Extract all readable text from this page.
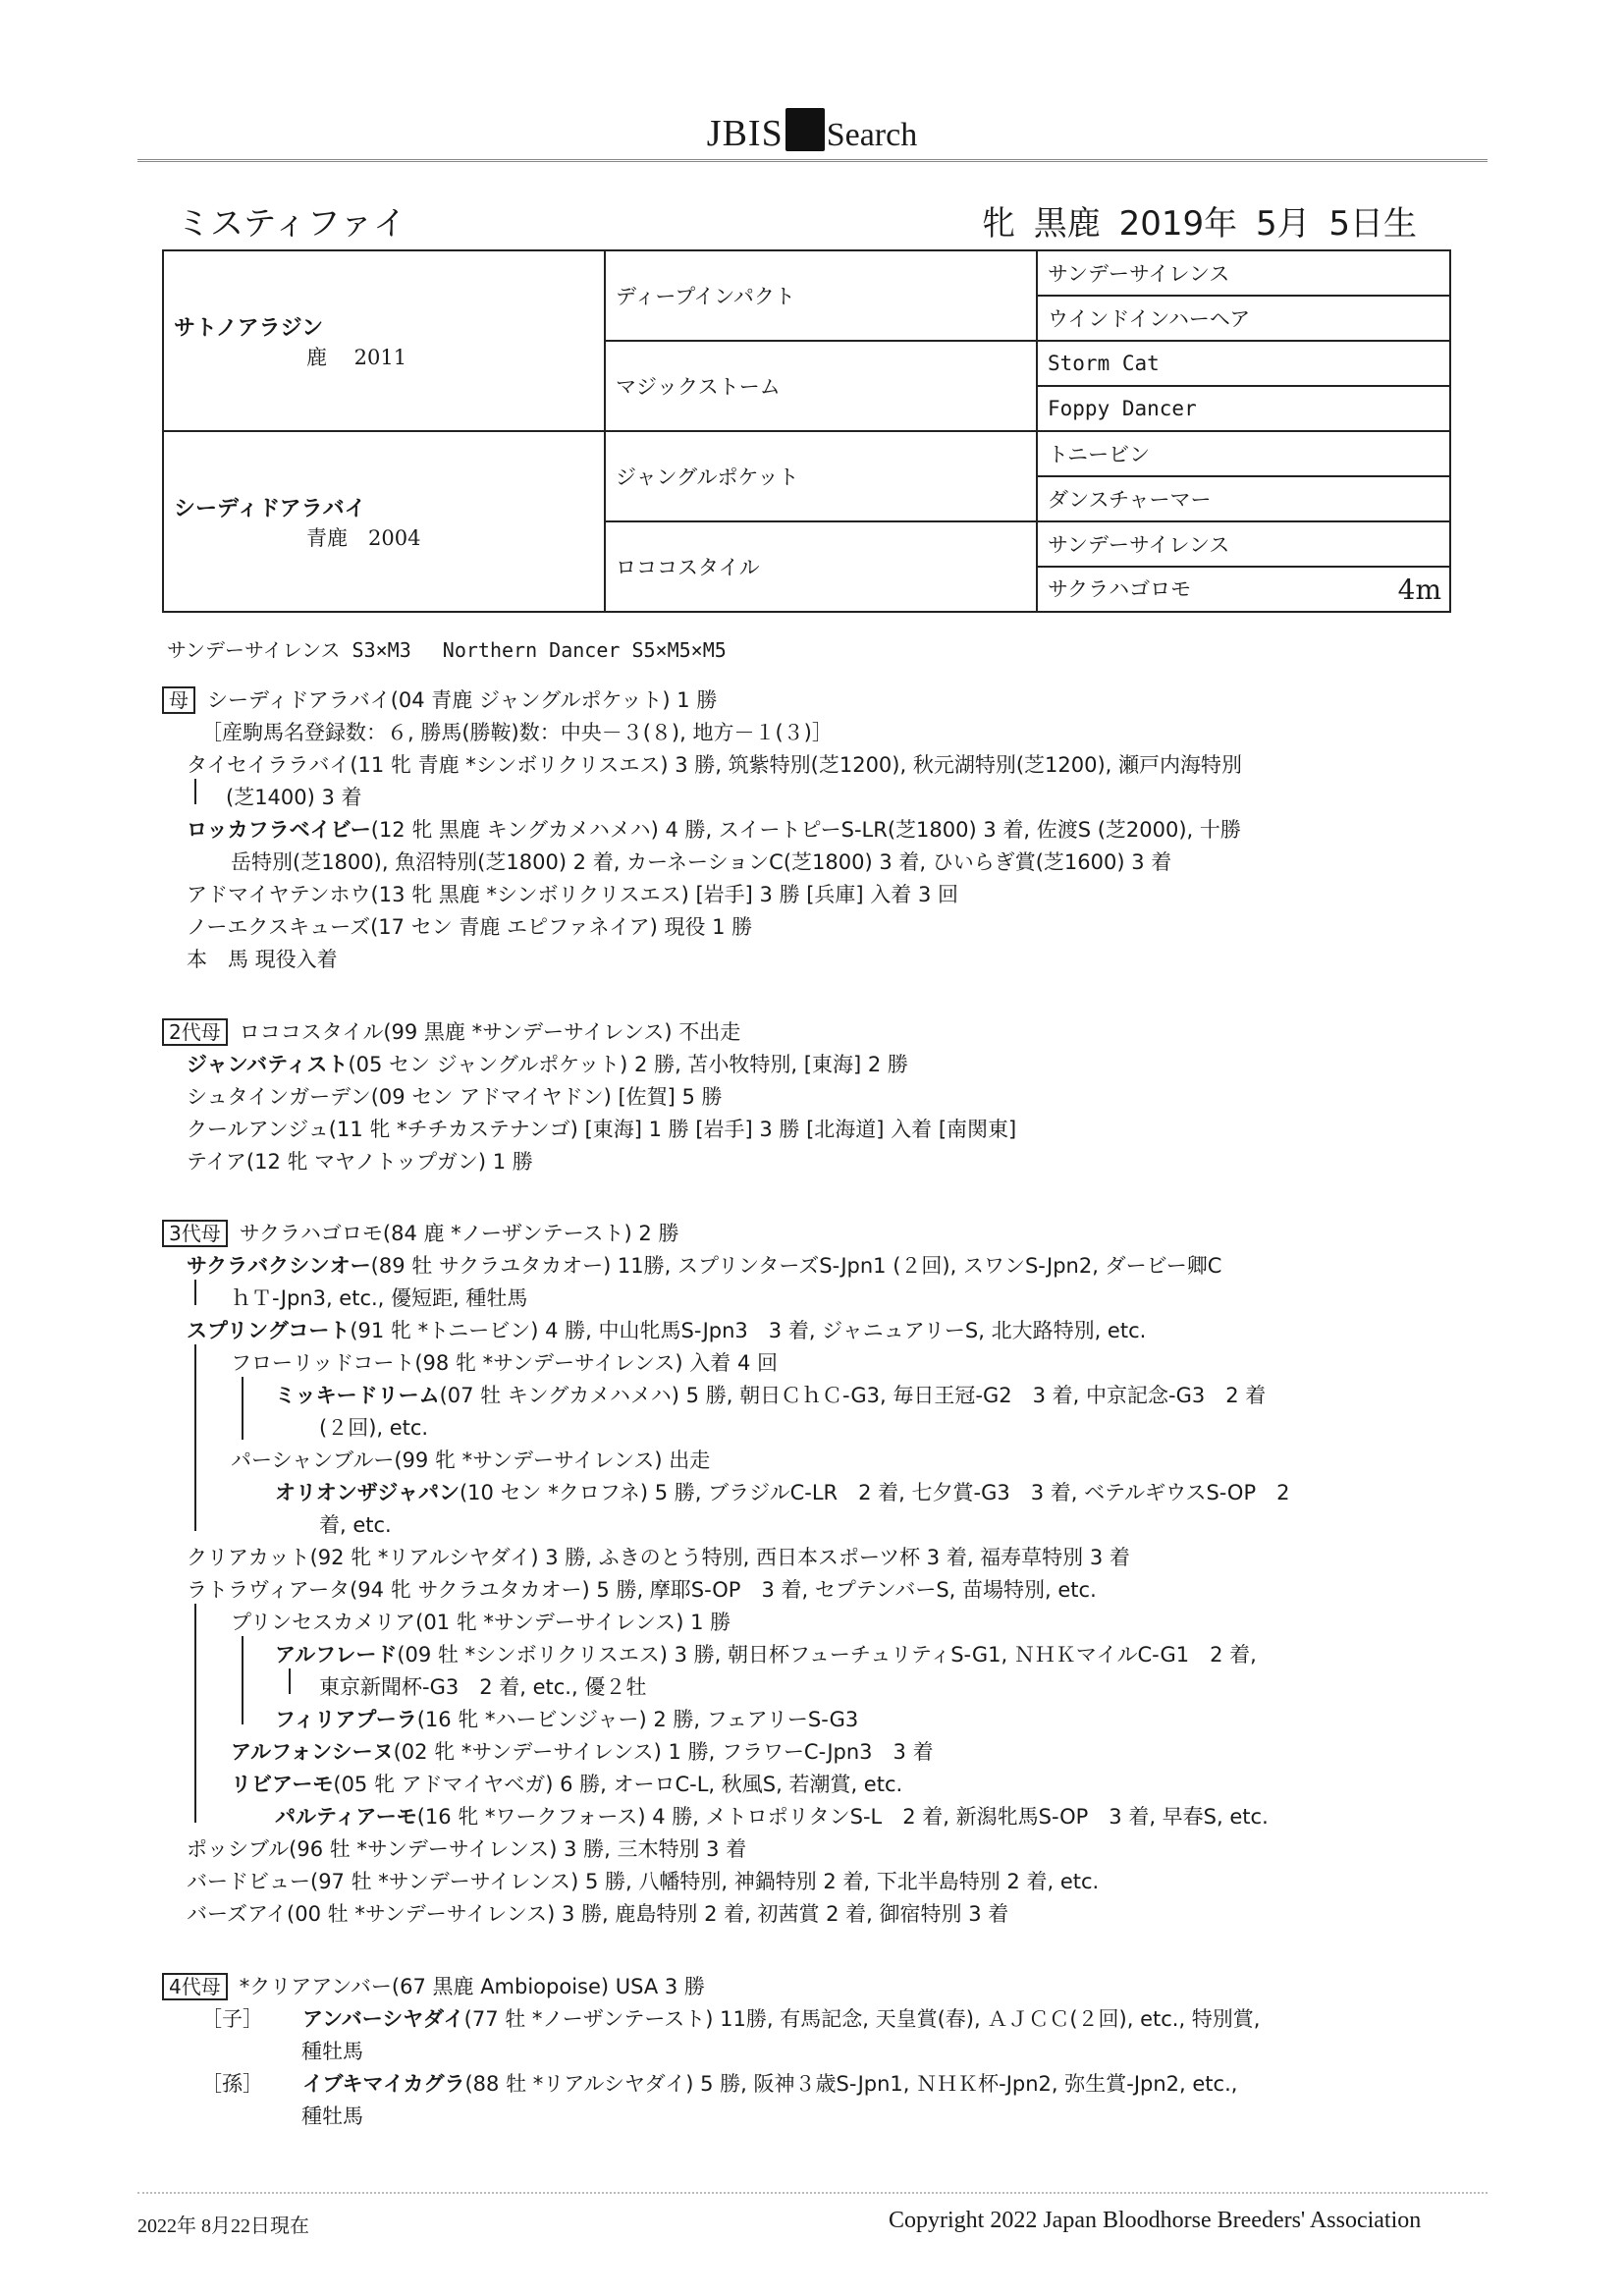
JBIS Search
ミスティファイ	牝 黒鹿 2019年 5月 5日生
サトノアラジン
鹿　 2011	ディープインパクト	サンデーサイレンス
		ウインドインハーヘア
	マジックストーム	Storm Cat
		Foppy Dancer

シーディドアラバイ
青鹿　2004	ジャングルポケット	トニービン
		ダンスチャーマー
	ロココスタイル	サンデーサイレンス
		サクラハゴロモ 4m
サンデーサイレンス S3×M3　 Northern Dancer S5×M5×M5
母 シーディドアラバイ(04 青鹿 ジャングルポケット) 1 勝
［産駒馬名登録数：６, 勝馬(勝鞍)数：中央－３(８), 地方－１(３)］
タイセイララバイ(11 牝 青鹿 *シンボリクリスエス) 3 勝, 筑紫特別(芝1200), 秋元湖特別(芝1200), 瀬戸内海特別
(芝1400) 3 着
ロッカフラベイビー(12 牝 黒鹿 キングカメハメハ) 4 勝, スイートピーS-LR(芝1800) 3 着, 佐渡S (芝2000), 十勝
岳特別(芝1800), 魚沼特別(芝1800) 2 着, カーネーションC(芝1800) 3 着, ひいらぎ賞(芝1600) 3 着
アドマイヤテンホウ(13 牝 黒鹿 *シンボリクリスエス) [岩手] 3 勝 [兵庫] 入着 3 回
ノーエクスキューズ(17 セン 青鹿 エピファネイア) 現役 1 勝
本　馬 現役入着
2代母 ロココスタイル(99 黒鹿 *サンデーサイレンス) 不出走
ジャンバティスト(05 セン ジャングルポケット) 2 勝, 苫小牧特別, [東海] 2 勝
シュタインガーデン(09 セン アドマイヤドン) [佐賀] 5 勝
クールアンジュ(11 牝 *チチカステナンゴ) [東海] 1 勝 [岩手] 3 勝 [北海道] 入着 [南関東]
テイア(12 牝 マヤノトップガン) 1 勝
3代母 サクラハゴロモ(84 鹿 *ノーザンテースト) 2 勝
サクラバクシンオー(89 牡 サクラユタカオー) 11勝, スプリンターズS-Jpn1 (２回), スワンS-Jpn2, ダービー卿C
ｈＴ-Jpn3, etc., 優短距, 種牡馬
スプリングコート(91 牝 *トニービン) 4 勝, 中山牝馬S-Jpn3　3 着, ジャニュアリーS, 北大路特別, etc.
フローリッドコート(98 牝 *サンデーサイレンス) 入着 4 回
ミッキードリーム(07 牡 キングカメハメハ) 5 勝, 朝日ＣｈＣ-G3, 毎日王冠-G2　3 着, 中京記念-G3　2 着
(２回), etc.
パーシャンブルー(99 牝 *サンデーサイレンス) 出走
オリオンザジャパン(10 セン *クロフネ) 5 勝, ブラジルC-LR　2 着, 七夕賞-G3　3 着, ベテルギウスS-OP　2
着, etc.
クリアカット(92 牝 *リアルシヤダイ) 3 勝, ふきのとう特別, 西日本スポーツ杯 3 着, 福寿草特別 3 着
ラトラヴィアータ(94 牝 サクラユタカオー) 5 勝, 摩耶S-OP　3 着, セプテンバーS, 苗場特別, etc.
プリンセスカメリア(01 牝 *サンデーサイレンス) 1 勝
アルフレード(09 牡 *シンボリクリスエス) 3 勝, 朝日杯フューチュリティS-G1, ＮＨＫマイルC-G1　2 着,
東京新聞杯-G3　2 着, etc., 優２牡
フィリアプーラ(16 牝 *ハービンジャー) 2 勝, フェアリーS-G3
アルフォンシーヌ(02 牝 *サンデーサイレンス) 1 勝, フラワーC-Jpn3　3 着
リビアーモ(05 牝 アドマイヤベガ) 6 勝, オーロC-L, 秋風S, 若潮賞, etc.
パルティアーモ(16 牝 *ワークフォース) 4 勝, メトロポリタンS-L　2 着, 新潟牝馬S-OP　3 着, 早春S, etc.
ポッシブル(96 牡 *サンデーサイレンス) 3 勝, 三木特別 3 着
バードビュー(97 牡 *サンデーサイレンス) 5 勝, 八幡特別, 神鍋特別 2 着, 下北半島特別 2 着, etc.
バーズアイ(00 牡 *サンデーサイレンス) 3 勝, 鹿島特別 2 着, 初茜賞 2 着, 御宿特別 3 着
4代母 *クリアアンバー(67 黒鹿 Ambiopoise) USA 3 勝
［子］ アンバーシヤダイ(77 牡 *ノーザンテースト) 11勝, 有馬記念, 天皇賞(春), ＡＪＣＣ(２回), etc., 特別賞,
種牡馬
［孫］ イブキマイカグラ(88 牡 *リアルシヤダイ) 5 勝, 阪神３歳S-Jpn1, ＮＨＫ杯-Jpn2, 弥生賞-Jpn2, etc.,
種牡馬
2022年 8月22日現在	Copyright 2022 Japan Bloodhorse Breeders' Association
